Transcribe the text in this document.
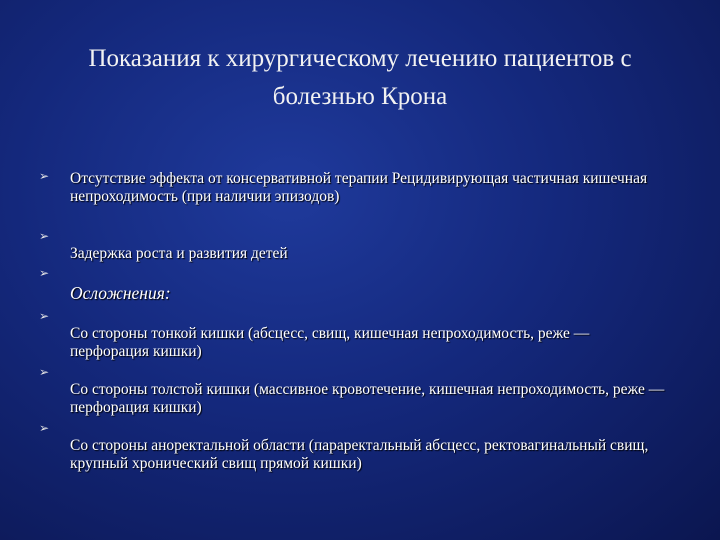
Показания к хирургическому лечению пациентов с болезнью Крона
➢ Отсутствие эффекта от консервативной терапии Рецидивирующая частичная кишечная непроходимость (при наличии эпизодов)
➢
Задержка роста и развития детей
➢
Осложнения:
➢
Со стороны тонкой кишки (абсцесс, свищ, кишечная непроходимость, реже — перфорация кишки)
➢
Со стороны толстой кишки (массивное кровотечение, кишечная непроходимость, реже — перфорация кишки)
➢
Со стороны аноректальной области (параректальный абсцесс, ректовагинальный свищ, крупный хронический свищ прямой кишки)
